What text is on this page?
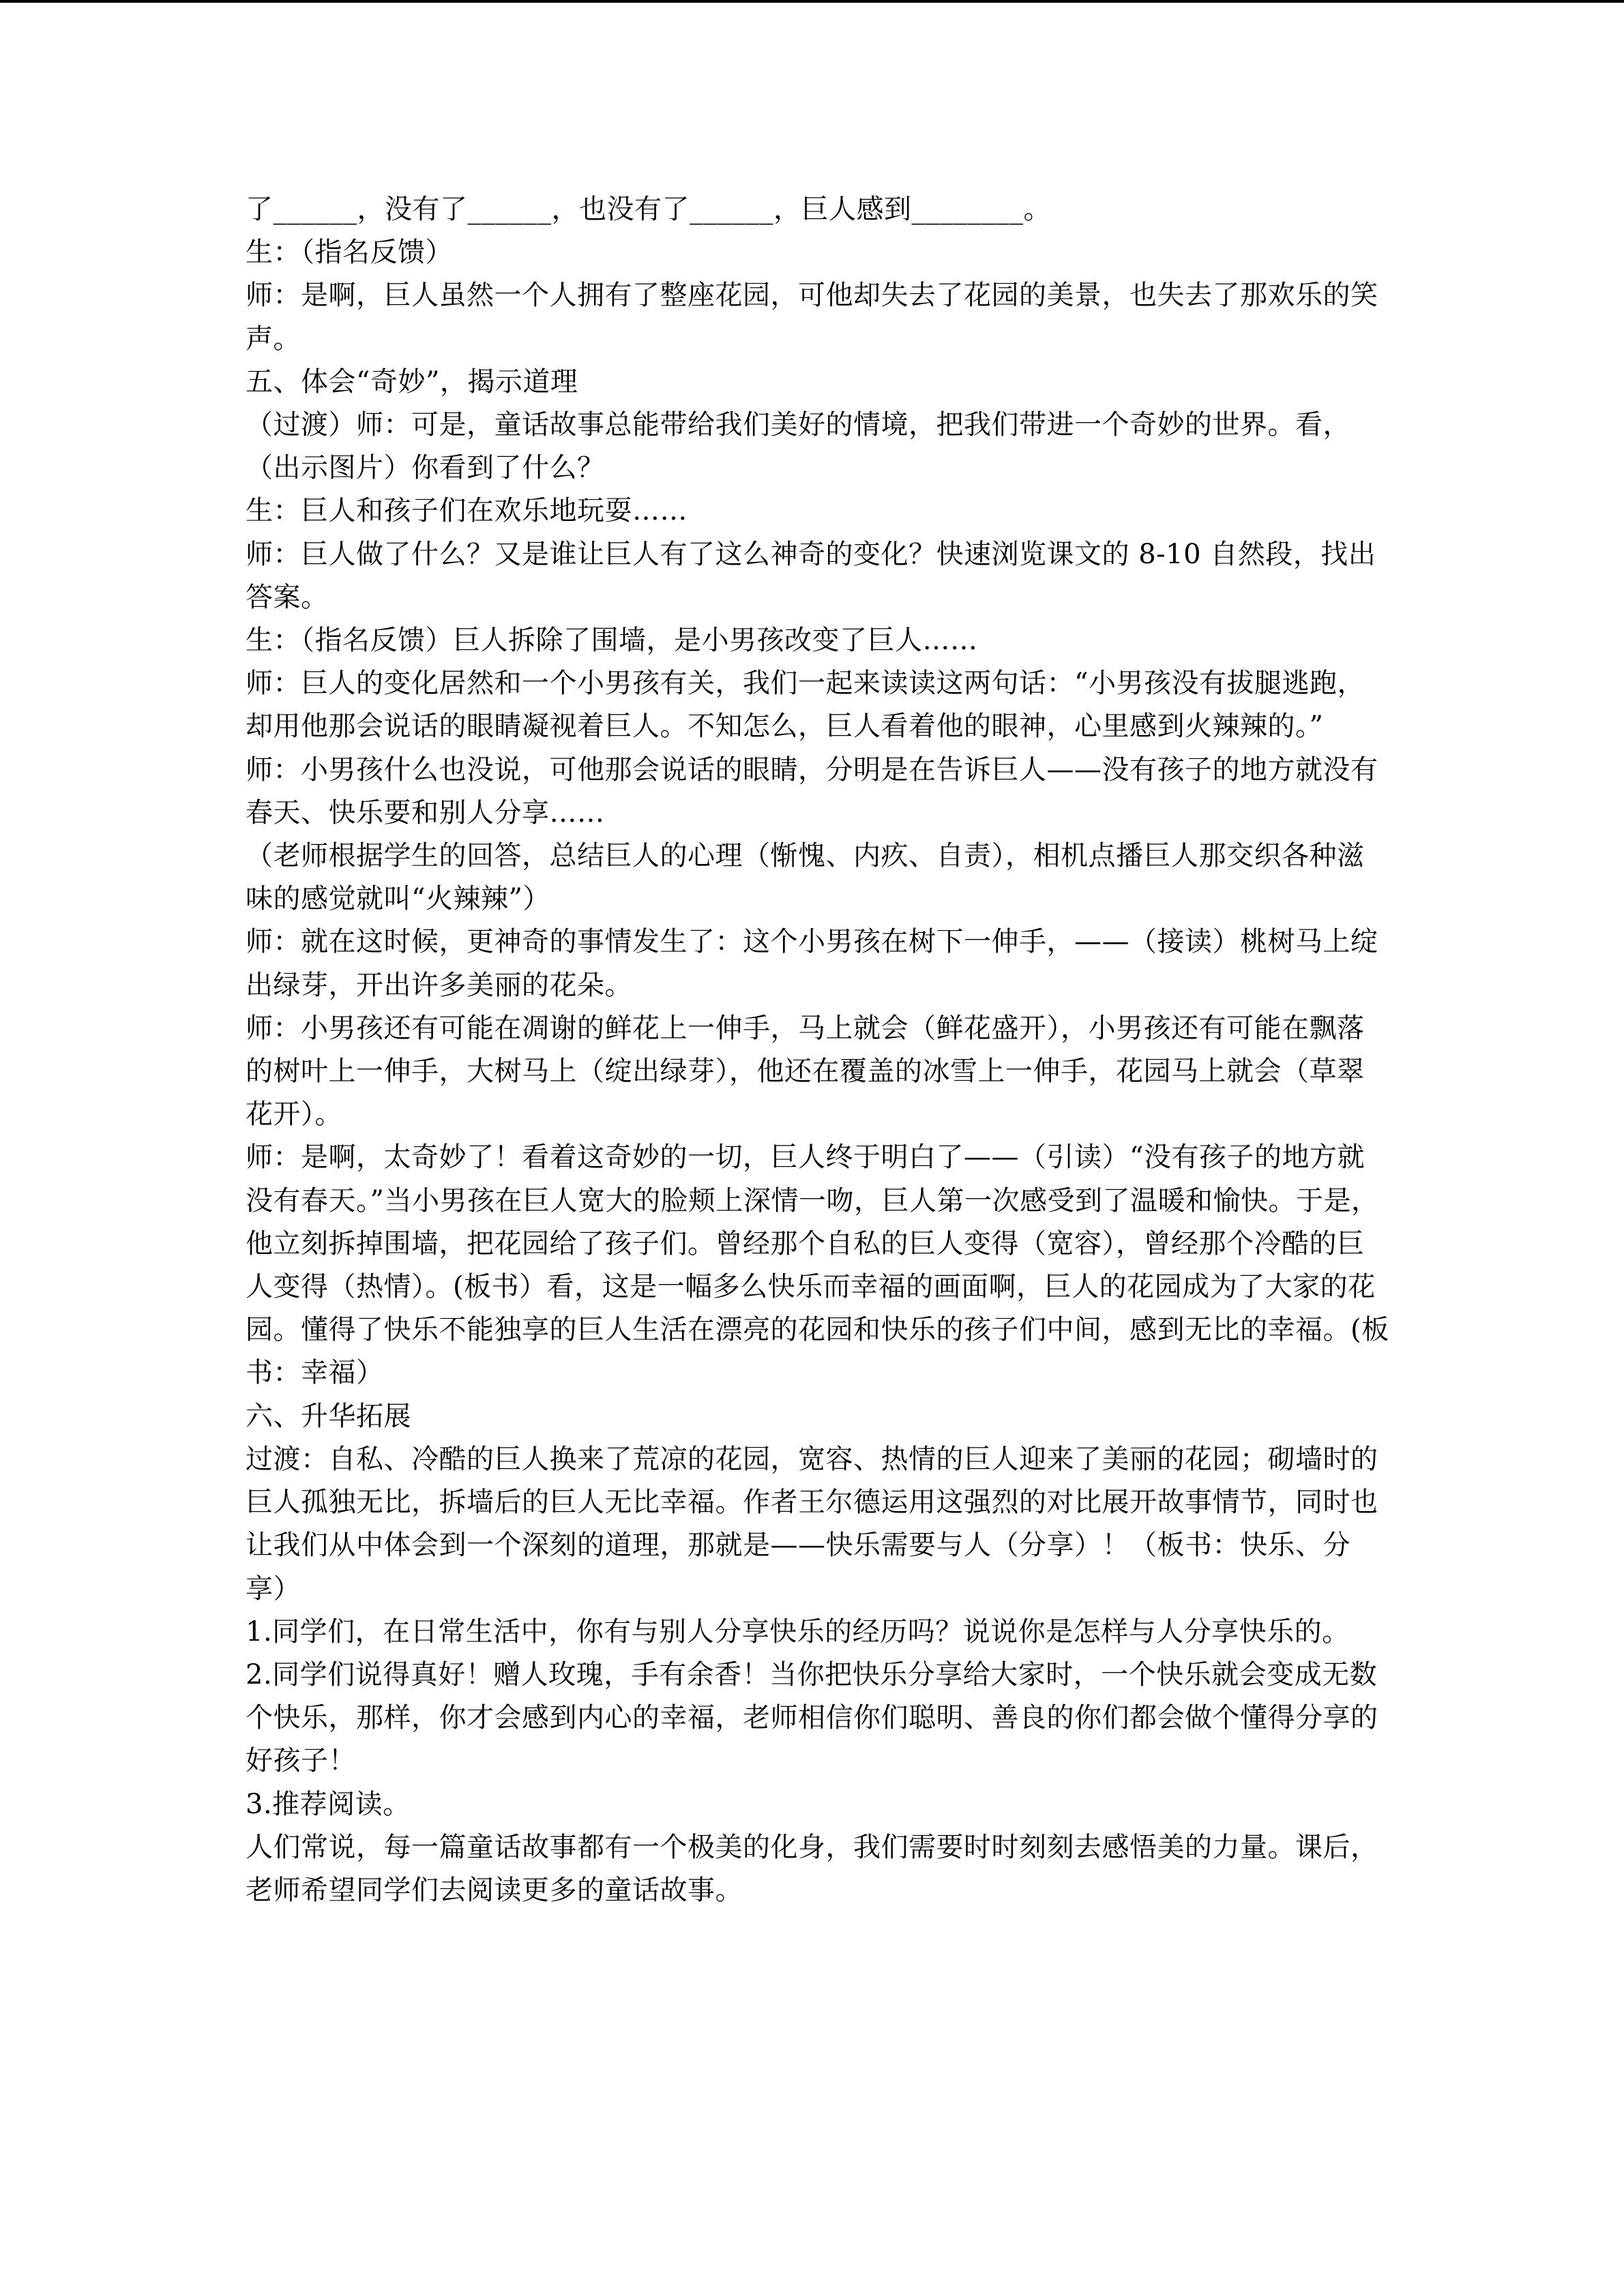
了______，没有了______，也没有了______，巨人感到________。

生：（指名反馈）

师：是啊，巨人虽然一个人拥有了整座花园，可他却失去了花园的美景，也失去了那欢乐的笑声。

五、体会“奇妙”，揭示道理

（过渡）师：可是，童话故事总能带给我们美好的情境，把我们带进一个奇妙的世界。看，（出示图片）你看到了什么？

生：巨人和孩子们在欢乐地玩耍……

师：巨人做了什么？又是谁让巨人有了这么神奇的变化？快速浏览课文的 8-10 自然段，找出答案。

生：（指名反馈）巨人拆除了围墙，是小男孩改变了巨人……

师：巨人的变化居然和一个小男孩有关，我们一起来读读这两句话：“小男孩没有拔腿逃跑，却用他那会说话的眼睛凝视着巨人。不知怎么，巨人看着他的眼神，心里感到火辣辣的。”

师：小男孩什么也没说，可他那会说话的眼睛，分明是在告诉巨人——没有孩子的地方就没有春天、快乐要和别人分享……

（老师根据学生的回答，总结巨人的心理（惭愧、内疚、自责），相机点播巨人那交织各种滋味的感觉就叫“火辣辣”）

师：就在这时候，更神奇的事情发生了：这个小男孩在树下一伸手，——（接读）桃树马上绽出绿芽，开出许多美丽的花朵。

师：小男孩还有可能在凋谢的鲜花上一伸手，马上就会（鲜花盛开），小男孩还有可能在飘落的树叶上一伸手，大树马上（绽出绿芽），他还在覆盖的冰雪上一伸手，花园马上就会（草翠花开）。

师：是啊，太奇妙了！看着这奇妙的一切，巨人终于明白了——（引读）“没有孩子的地方就没有春天。”当小男孩在巨人宽大的脸颊上深情一吻，巨人第一次感受到了温暖和愉快。于是，他立刻拆掉围墙，把花园给了孩子们。曾经那个自私的巨人变得（宽容），曾经那个冷酷的巨人变得（热情）。(板书）看，这是一幅多么快乐而幸福的画面啊，巨人的花园成为了大家的花园。懂得了快乐不能独享的巨人生活在漂亮的花园和快乐的孩子们中间，感到无比的幸福。(板书：幸福）

六、升华拓展

过渡：自私、冷酷的巨人换来了荒凉的花园，宽容、热情的巨人迎来了美丽的花园；砌墙时的巨人孤独无比，拆墙后的巨人无比幸福。作者王尔德运用这强烈的对比展开故事情节，同时也让我们从中体会到一个深刻的道理，那就是——快乐需要与人（分享）！（板书：快乐、分享）

1.同学们，在日常生活中，你有与别人分享快乐的经历吗？说说你是怎样与人分享快乐的。

2.同学们说得真好！赠人玫瑰，手有余香！当你把快乐分享给大家时，一个快乐就会变成无数个快乐，那样，你才会感到内心的幸福，老师相信你们聪明、善良的你们都会做个懂得分享的好孩子！

3.推荐阅读。

人们常说，每一篇童话故事都有一个极美的化身，我们需要时时刻刻去感悟美的力量。课后，老师希望同学们去阅读更多的童话故事。
